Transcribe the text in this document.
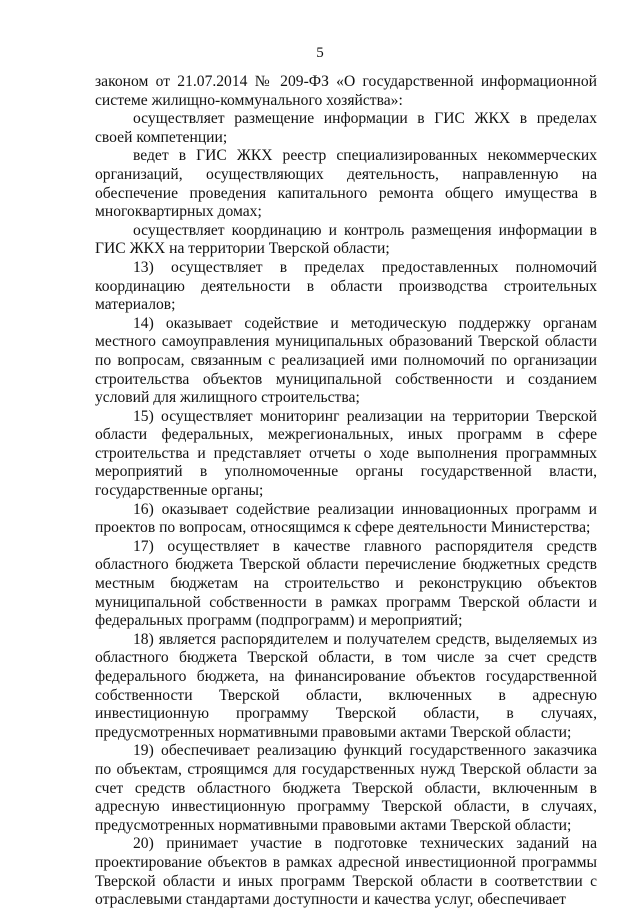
5

законом от 21.07.2014 № 209-ФЗ «О государственной информационной системе жилищно-коммунального хозяйства»:

осуществляет размещение информации в ГИС ЖКХ в пределах своей компетенции;

ведет в ГИС ЖКХ реестр специализированных некоммерческих организаций, осуществляющих деятельность, направленную на обеспечение проведения капитального ремонта общего имущества в многоквартирных домах;

осуществляет координацию и контроль размещения информации в ГИС ЖКХ на территории Тверской области;

13) осуществляет в пределах предоставленных полномочий координацию деятельности в области производства строительных материалов;

14) оказывает содействие и методическую поддержку органам местного самоуправления муниципальных образований Тверской области по вопросам, связанным с реализацией ими полномочий по организации строительства объектов муниципальной собственности и созданием условий для жилищного строительства;

15) осуществляет мониторинг реализации на территории Тверской области федеральных, межрегиональных, иных программ в сфере строительства и представляет отчеты о ходе выполнения программных мероприятий в уполномоченные органы государственной власти, государственные органы;

16) оказывает содействие реализации инновационных программ и проектов по вопросам, относящимся к сфере деятельности Министерства;

17) осуществляет в качестве главного распорядителя средств областного бюджета Тверской области перечисление бюджетных средств местным бюджетам на строительство и реконструкцию объектов муниципальной собственности в рамках программ Тверской области и федеральных программ (подпрограмм) и мероприятий;

18) является распорядителем и получателем средств, выделяемых из областного бюджета Тверской области, в том числе за счет средств федерального бюджета, на финансирование объектов государственной собственности Тверской области, включенных в адресную инвестиционную программу Тверской области, в случаях, предусмотренных нормативными правовыми актами Тверской области;

19) обеспечивает реализацию функций государственного заказчика по объектам, строящимся для государственных нужд Тверской области за счет средств областного бюджета Тверской области, включенным в адресную инвестиционную программу Тверской области, в случаях, предусмотренных нормативными правовыми актами Тверской области;

20) принимает участие в подготовке технических заданий на проектирование объектов в рамках адресной инвестиционной программы Тверской области и иных программ Тверской области в соответствии с отраслевыми стандартами доступности и качества услуг, обеспечивает
